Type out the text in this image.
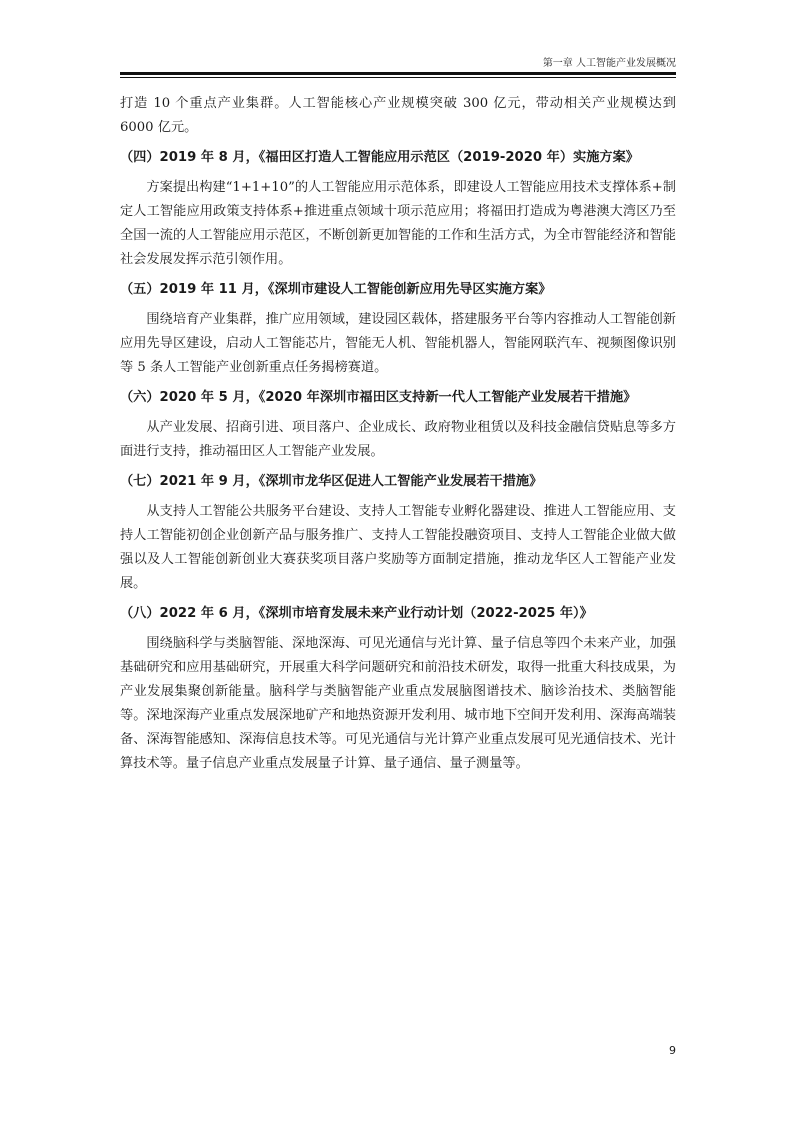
第一章 人工智能产业发展概况

打造 10 个重点产业集群。人工智能核心产业规模突破 300 亿元，带动相关产业规模达到 6000 亿元。

（四）2019 年 8 月，《福田区打造人工智能应用示范区（2019-2020 年）实施方案》

方案提出构建“1+1+10”的人工智能应用示范体系，即建设人工智能应用技术支撑体系+制定人工智能应用政策支持体系+推进重点领域十项示范应用；将福田打造成为粤港澳大湾区乃至全国一流的人工智能应用示范区，不断创新更加智能的工作和生活方式，为全市智能经济和智能社会发展发挥示范引领作用。

（五）2019 年 11 月，《深圳市建设人工智能创新应用先导区实施方案》

围绕培育产业集群，推广应用领域，建设园区载体，搭建服务平台等内容推动人工智能创新应用先导区建设，启动人工智能芯片，智能无人机、智能机器人，智能网联汽车、视频图像识别等 5 条人工智能产业创新重点任务揭榜赛道。

（六）2020 年 5 月，《2020 年深圳市福田区支持新一代人工智能产业发展若干措施》

从产业发展、招商引进、项目落户、企业成长、政府物业租赁以及科技金融信贷贴息等多方面进行支持，推动福田区人工智能产业发展。

（七）2021 年 9 月，《深圳市龙华区促进人工智能产业发展若干措施》

从支持人工智能公共服务平台建设、支持人工智能专业孵化器建设、推进人工智能应用、支持人工智能初创企业创新产品与服务推广、支持人工智能投融资项目、支持人工智能企业做大做强以及人工智能创新创业大赛获奖项目落户奖励等方面制定措施，推动龙华区人工智能产业发展。

（八）2022 年 6 月，《深圳市培育发展未来产业行动计划（2022-2025 年）》

围绕脑科学与类脑智能、深地深海、可见光通信与光计算、量子信息等四个未来产业，加强基础研究和应用基础研究，开展重大科学问题研究和前沿技术研发，取得一批重大科技成果，为产业发展集聚创新能量。脑科学与类脑智能产业重点发展脑图谱技术、脑诊治技术、类脑智能等。深地深海产业重点发展深地矿产和地热资源开发利用、城市地下空间开发利用、深海高端装备、深海智能感知、深海信息技术等。可见光通信与光计算产业重点发展可见光通信技术、光计算技术等。量子信息产业重点发展量子计算、量子通信、量子测量等。

9
